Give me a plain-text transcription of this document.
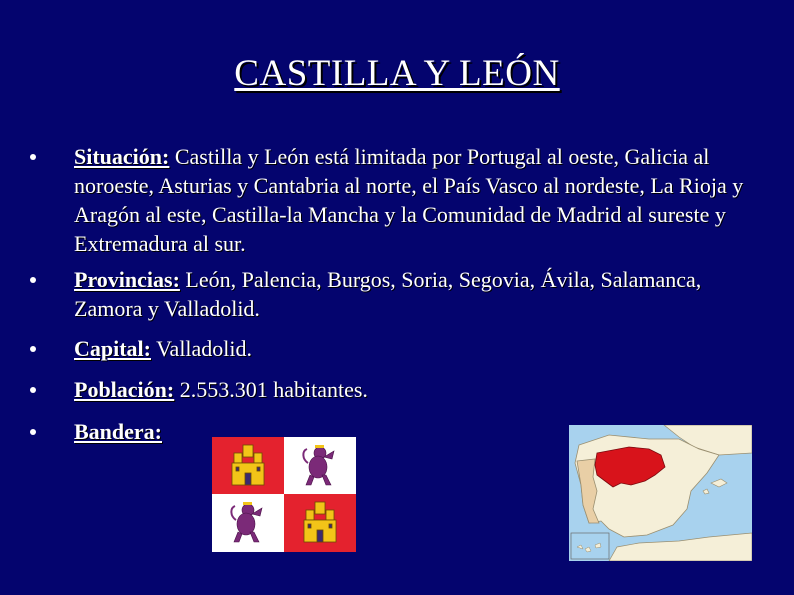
CASTILLA Y LEÓN
Situación: Castilla y León está limitada por Portugal al oeste, Galicia al noroeste, Asturias y Cantabria al norte, el País Vasco al nordeste, La Rioja y Aragón al este, Castilla-la Mancha y la Comunidad de Madrid al sureste y Extremadura al sur.
Provincias: León, Palencia, Burgos, Soria, Segovia, Ávila, Salamanca, Zamora y Valladolid.
Capital: Valladolid.
Población: 2.553.301 habitantes.
Bandera:
